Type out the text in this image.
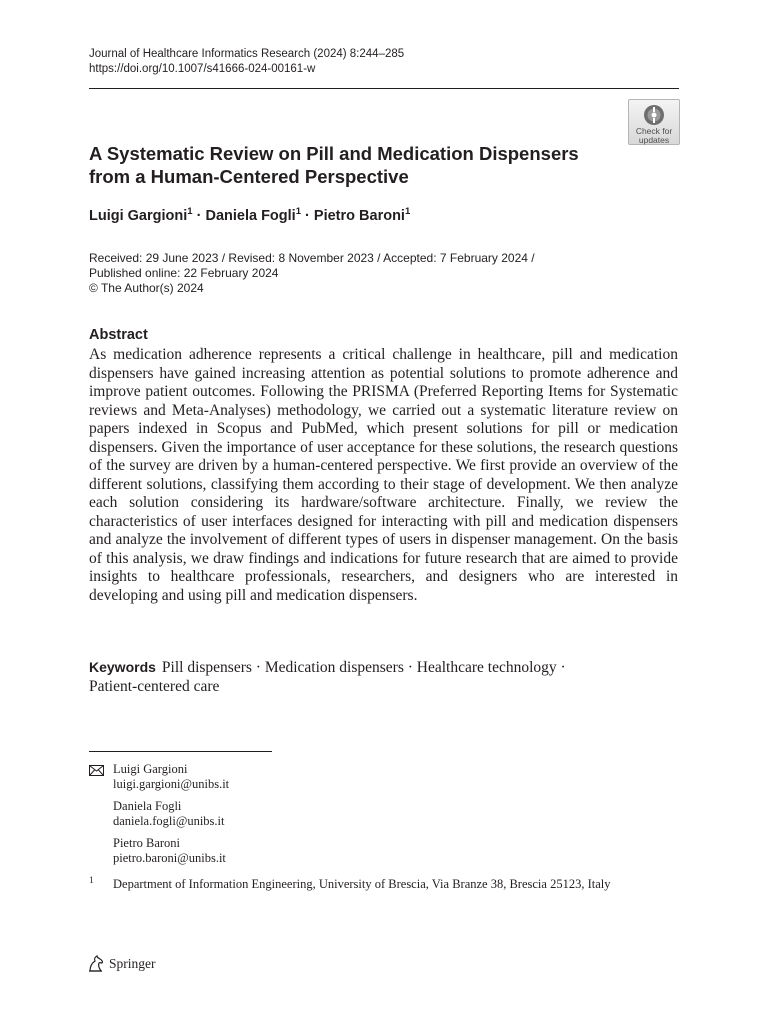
Journal of Healthcare Informatics Research (2024) 8:244–285
https://doi.org/10.1007/s41666-024-00161-w
Check for
updates
A Systematic Review on Pill and Medication Dispensers
from a Human-Centered Perspective
Luigi Gargioni$^1$ · Daniela Fogli$^1$ · Pietro Baroni$^1$
Received: 29 June 2023 / Revised: 8 November 2023 / Accepted: 7 February 2024 /
Published online: 22 February 2024
© The Author(s) 2024
Abstract

As medication adherence represents a critical challenge in healthcare, pill and medication dispensers have gained increasing attention as potential solutions to promote adherence and improve patient outcomes. Following the PRISMA (Preferred Reporting Items for Systematic reviews and Meta-Analyses) methodology, we carried out a systematic literature review on papers indexed in Scopus and PubMed, which present solutions for pill or medication dispensers. Given the importance of user acceptance for these solutions, the research questions of the survey are driven by a human-centered perspective. We first provide an overview of the different solutions, classifying them according to their stage of development. We then analyze each solution considering its hardware/software architecture. Finally, we review the characteristics of user interfaces designed for interacting with pill and medication dispensers and analyze the involvement of different types of users in dispenser management. On the basis of this analysis, we draw findings and indications for future research that are aimed to provide insights to healthcare professionals, researchers, and designers who are interested in developing and using pill and medication dispensers.

Keywords Pill dispensers · Medication dispensers · Healthcare technology ·
Patient-centered care
Luigi Gargioni
luigi.gargioni@unibs.it
Daniela Fogli
daniela.fogli@unibs.it
Pietro Baroni
pietro.baroni@unibs.it
1 Department of Information Engineering, University of Brescia, Via Branze 38, Brescia 25123, Italy
Springer
